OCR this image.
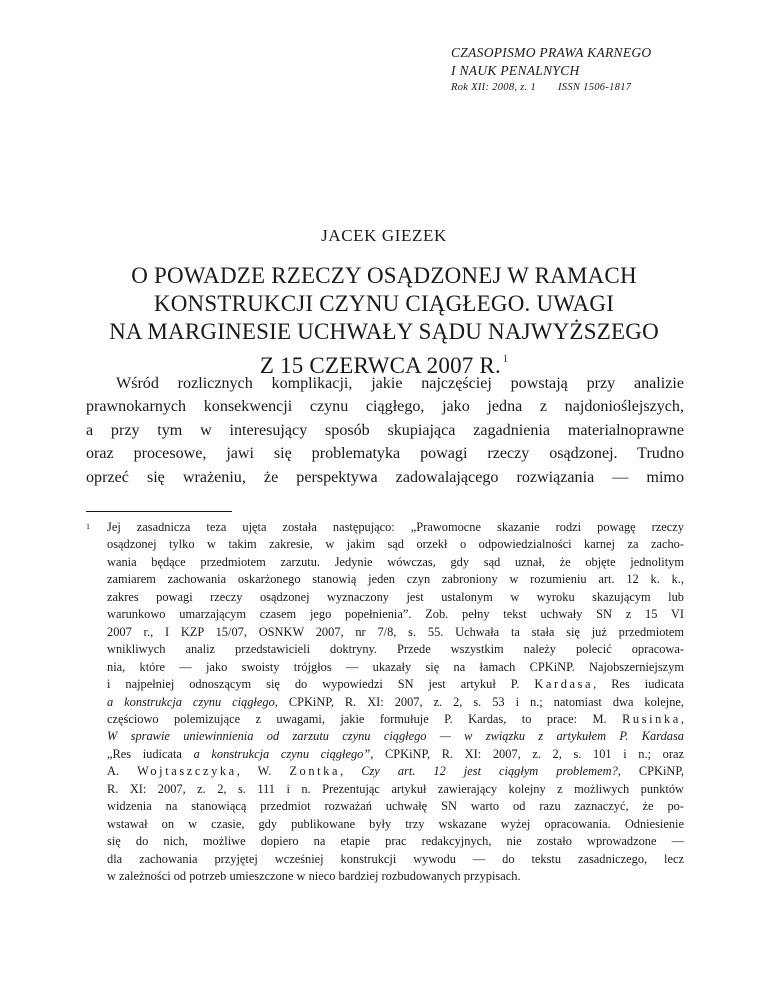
CZASOPISMO PRAWA KARNEGO
I NAUK PENALNYCH
Rok XII: 2008, z. 1 ISSN 1506-1817
JACEK GIEZEK
O POWADZE RZECZY OSĄDZONEJ W RAMACH
KONSTRUKCJI CZYNU CIĄGŁEGO. UWAGI
NA MARGINESIE UCHWAŁY SĄDU NAJWYŻSZEGO
Z 15 CZERWCA 2007 R. $^1$
Wśród rozlicznych komplikacji, jakie najczęściej powstają przy analizie
prawnokarnych konsekwencji czynu ciągłego, jako jedna z najdonioślejszych,
a przy tym w interesujący sposób skupiająca zagadnienia materialnoprawne
oraz procesowe, jawi się problematyka powagi rzeczy osądzonej. Trudno
oprzeć się wrażeniu, że perspektywa zadowalającego rozwiązania — mimo
1 Jej zasadnicza teza ujęta została następująco: „Prawomocne skazanie rodzi powagę rzeczy
osądzonej tylko w takim zakresie, w jakim sąd orzekł o odpowiedzialności karnej za zacho-
wania będące przedmiotem zarzutu. Jedynie wówczas, gdy sąd uznał, że objęte jednolitym
zamiarem zachowania oskarżonego stanowią jeden czyn zabroniony w rozumieniu art. 12 k. k.,
zakres powagi rzeczy osądzonej wyznaczony jest ustalonym w wyroku skazującym lub
warunkowo umarzającym czasem jego popełnienia”. Zob. pełny tekst uchwały SN z 15 VI
2007 r., I KZP 15/07, OSNKW 2007, nr 7/8, s. 55. Uchwała ta stała się już przedmiotem
wnikliwych analiz przedstawicieli doktryny. Przede wszystkim należy polecić opracowa-
nia, które — jako swoisty trójgłos — ukazały się na łamach CPKiNP. Najobszerniejszym
i najpełniej odnoszącym się do wypowiedzi SN jest artykuł P. Kardasa, Res iudicata
a konstrukcja czynu ciągłego, CPKiNP, R. XI: 2007, z. 2, s. 53 i n.; natomiast dwa kolejne,
częściowo polemizujące z uwagami, jakie formułuje P. Kardas, to prace: M. Rusinka,
W sprawie uniewinnienia od zarzutu czynu ciągłego — w związku z artykułem P. Kardasa
„Res iudicata a konstrukcja czynu ciągłego”, CPKiNP, R. XI: 2007, z. 2, s. 101 i n.; oraz
A. Wojtaszczyka, W. Zontka, Czy art. 12 jest ciągłym problemem?, CPKiNP,
R. XI: 2007, z. 2, s. 111 i n. Prezentując artykuł zawierający kolejny z możliwych punktów
widzenia na stanowiącą przedmiot rozważań uchwałę SN warto od razu zaznaczyć, że po-
wstawał on w czasie, gdy publikowane były trzy wskazane wyżej opracowania. Odniesienie
się do nich, możliwe dopiero na etapie prac redakcyjnych, nie zostało wprowadzone —
dla zachowania przyjętej wcześniej konstrukcji wywodu — do tekstu zasadniczego, lecz
w zależności od potrzeb umieszczone w nieco bardziej rozbudowanych przypisach.
